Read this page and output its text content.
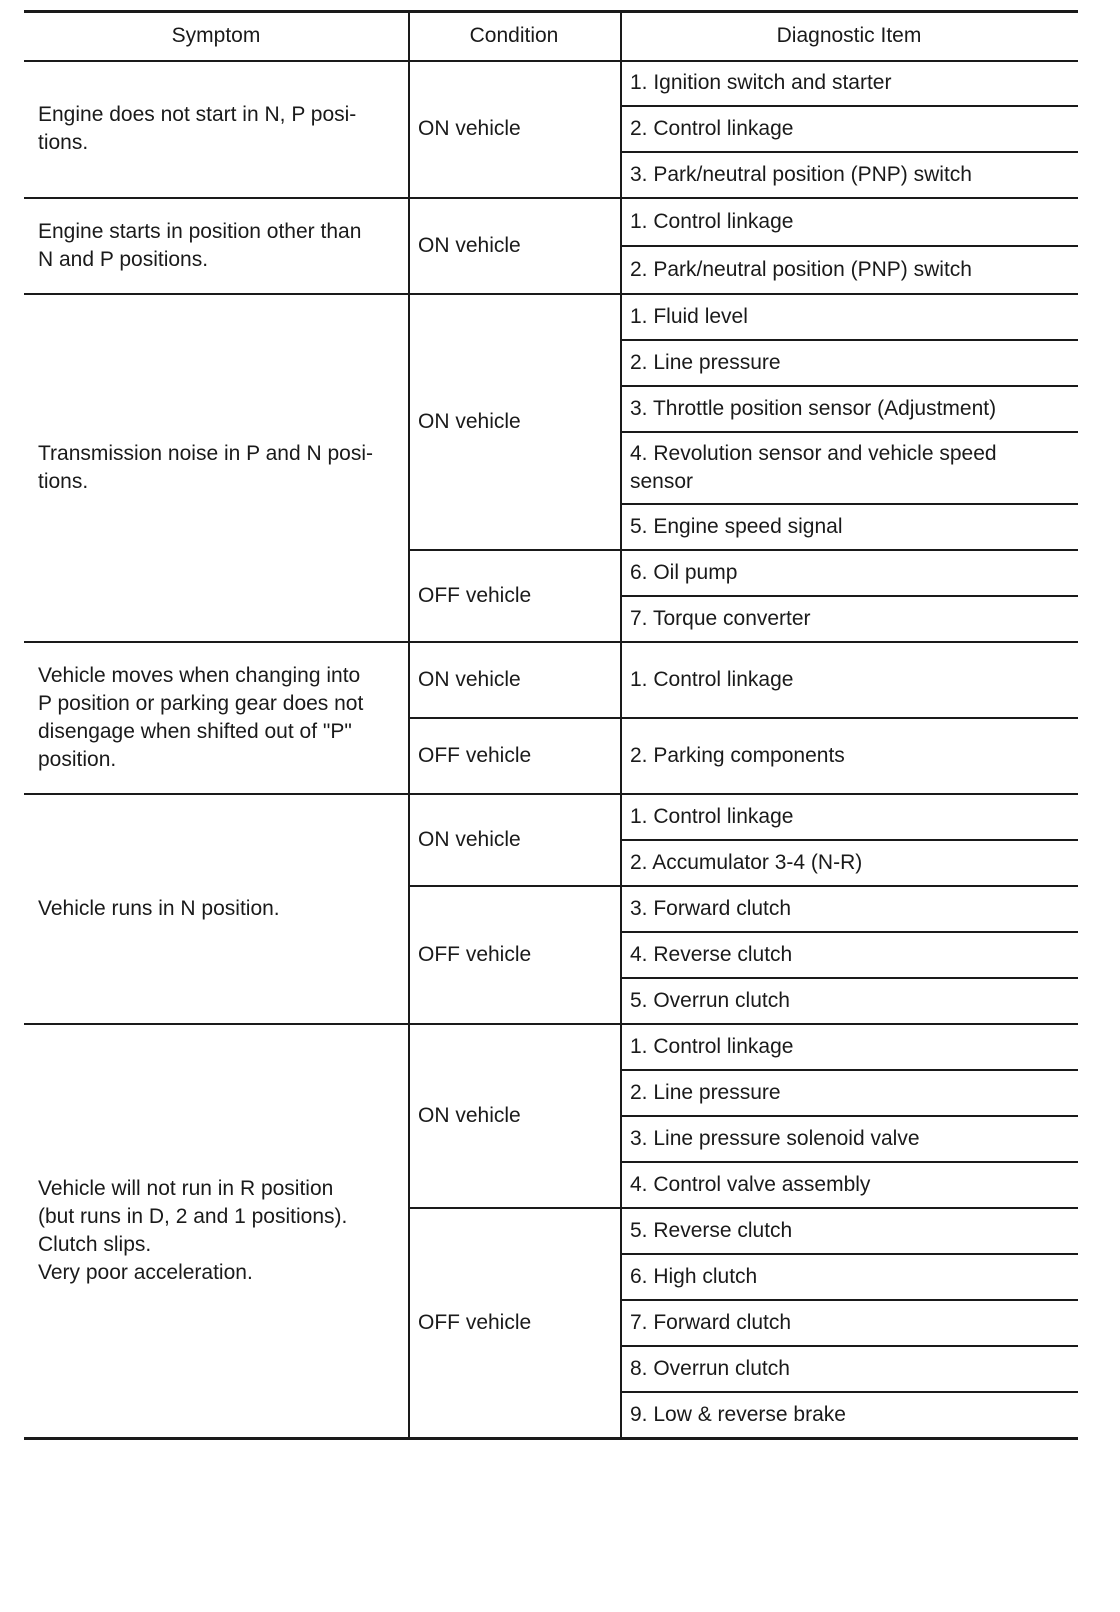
Symptom	Condition	Diagnostic Item
1. Ignition switch and starter
2. Control linkage
3. Park/neutral position (PNP) switch
ON vehicle
Engine does not start in N, P posi-
tions.
1. Control linkage
2. Park/neutral position (PNP) switch
ON vehicle
Engine starts in position other than
N and P positions.
1. Fluid level
2. Line pressure
3. Throttle position sensor (Adjustment)
4. Revolution sensor and vehicle speed
sensor
5. Engine speed signal
ON vehicle
6. Oil pump
7. Torque converter
OFF vehicle
Transmission noise in P and N posi-
tions.
1. Control linkage
ON vehicle
2. Parking components
OFF vehicle
Vehicle moves when changing into
P position or parking gear does not
disengage when shifted out of "P"
position.
1. Control linkage
2. Accumulator 3-4 (N-R)
ON vehicle
3. Forward clutch
4. Reverse clutch
5. Overrun clutch
OFF vehicle
Vehicle runs in N position.
1. Control linkage
2. Line pressure
3. Line pressure solenoid valve
4. Control valve assembly
ON vehicle
5. Reverse clutch
6. High clutch
7. Forward clutch
8. Overrun clutch
9. Low & reverse brake
OFF vehicle
Vehicle will not run in R position
(but runs in D, 2 and 1 positions).
Clutch slips.
Very poor acceleration.
